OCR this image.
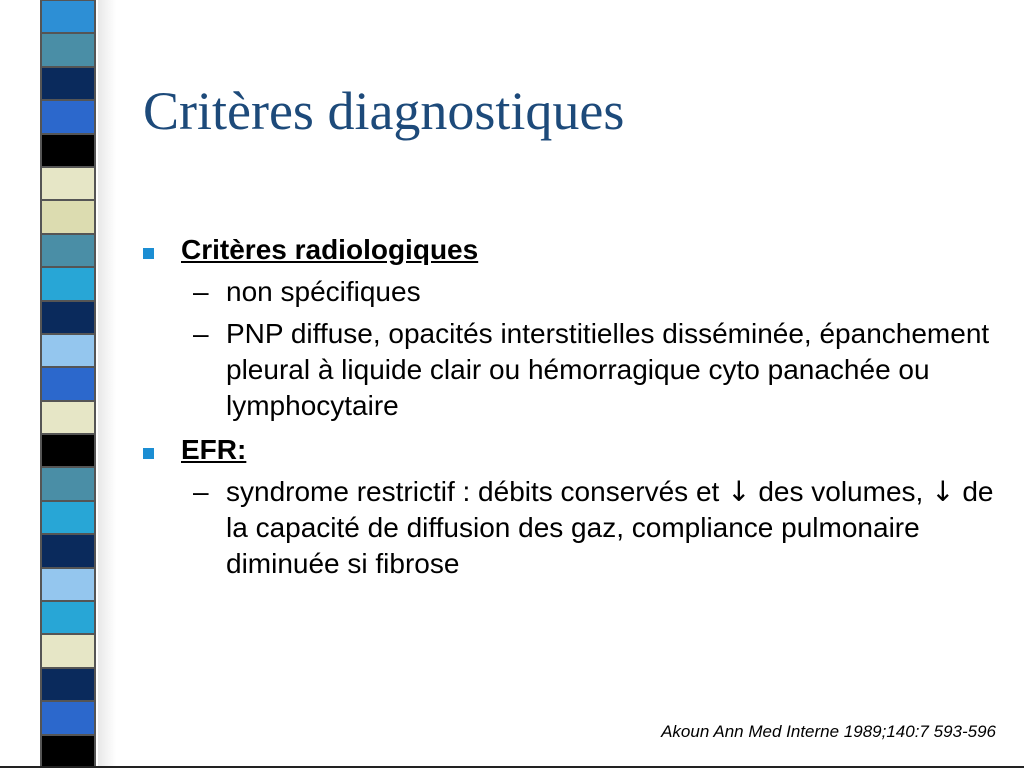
Critères diagnostiques
Critères radiologiques
– non spécifiques
– PNP diffuse, opacités interstitielles disséminée, épanchement pleural à liquide clair ou hémorragique cyto panachée ou lymphocytaire
EFR:
– syndrome restrictif : débits conservés et ↓ des volumes, ↓ de la capacité de diffusion des gaz, compliance pulmonaire diminuée si fibrose
Akoun Ann Med Interne 1989;140:7 593-596
